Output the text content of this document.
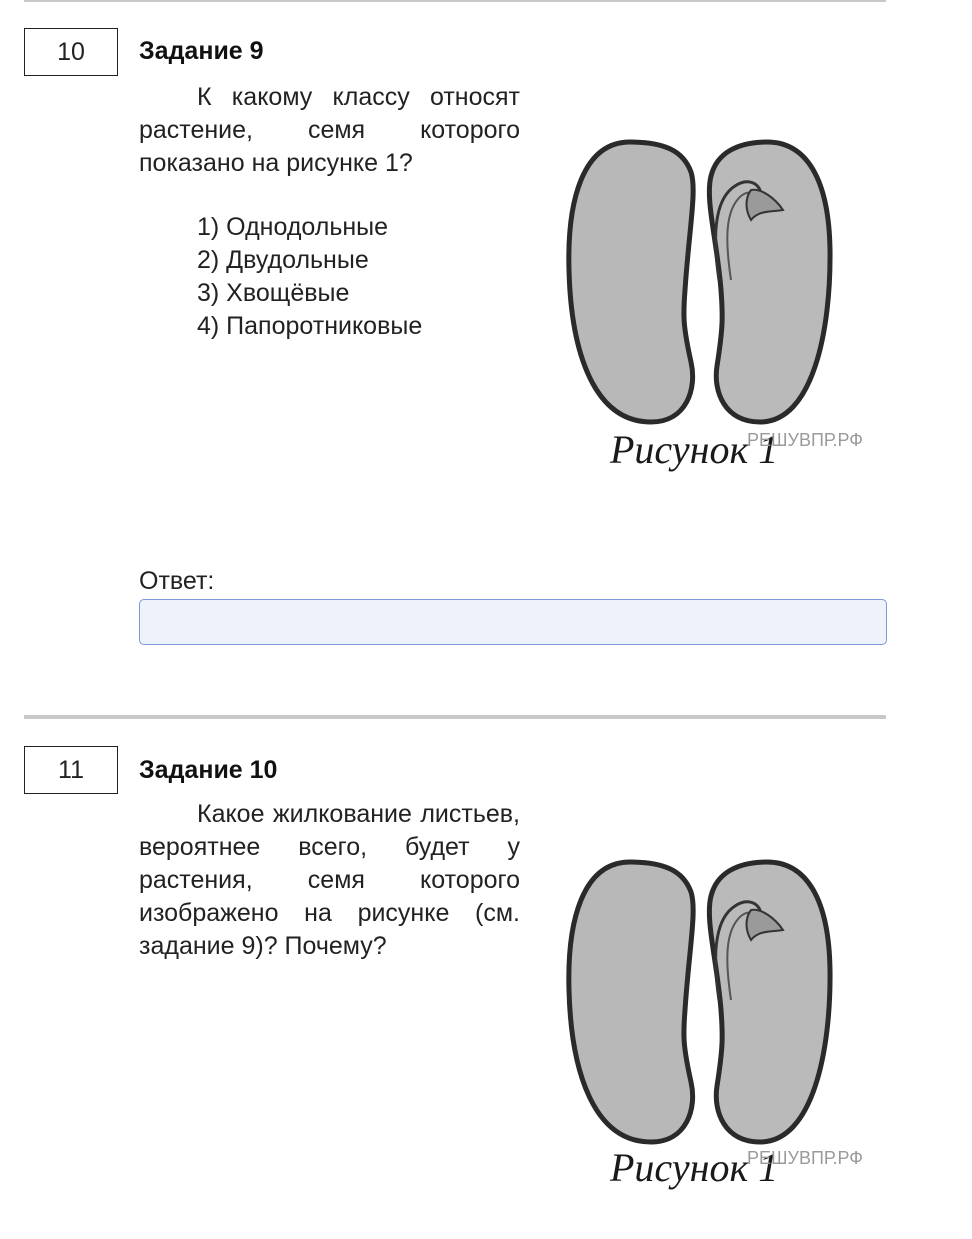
10	Задание 9

К какому классу относят растение, семя которого показано на рисунке 1?

1) Однодольные
2) Двудольные
3) Хвощёвые
4) Папоротниковые
Рисунок 1
РЕШУВПР.РФ
Ответ:
11	Задание 10

Какое жилкование листьев, вероятнее всего, будет у растения, семя которого изображено на рисунке (см. задание 9)? Почему?

Рисунок 1
РЕШУВПР.РФ
